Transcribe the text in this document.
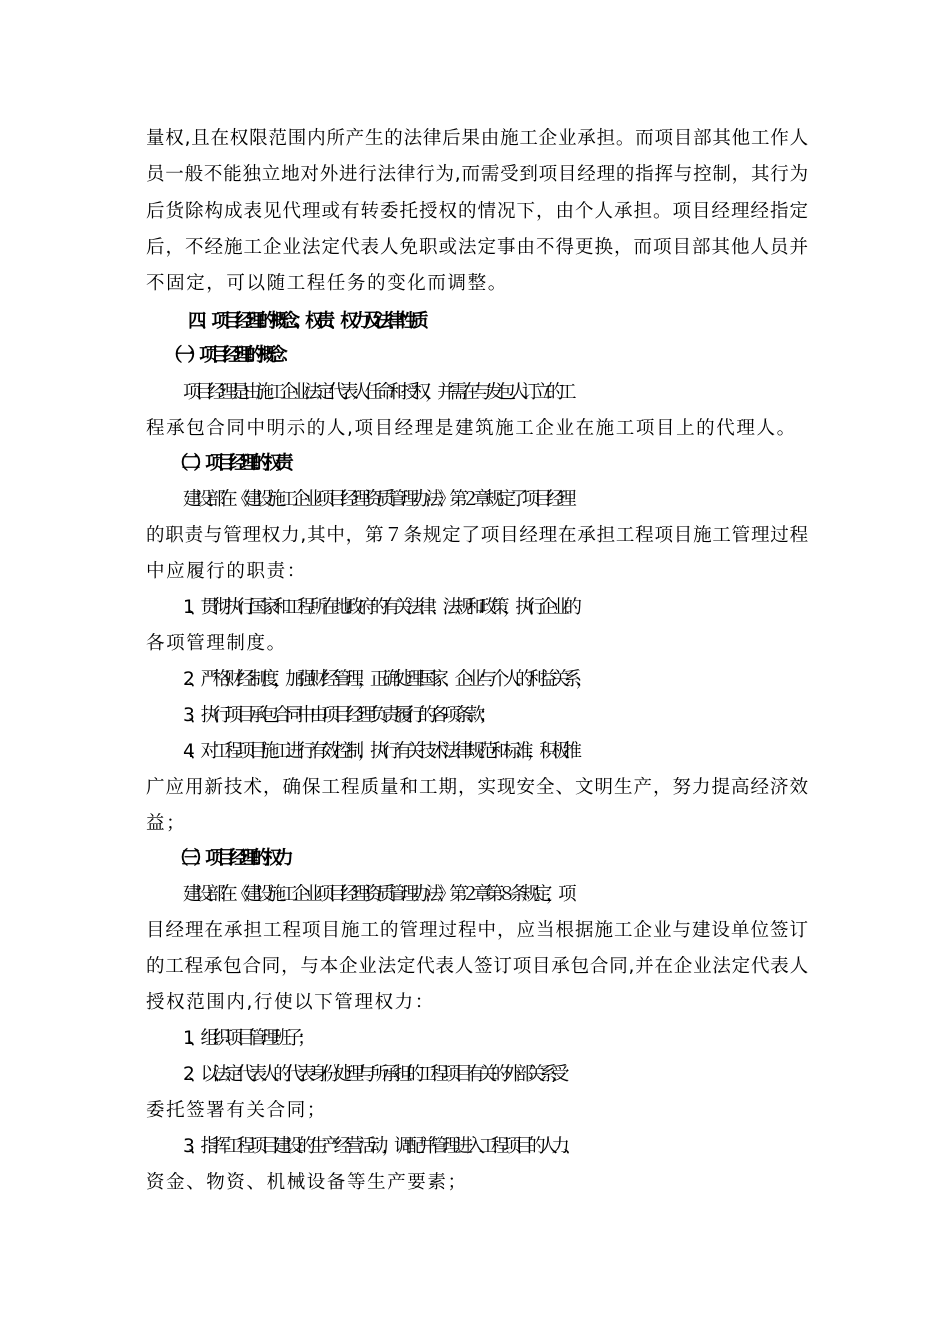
量权,且在权限范围内所产生的法律后果由施工企业承担。而项目部其他工作人
员一般不能独立地对外进行法律行为,而需受到项目经理的指挥与控制，其行为
后货除构成表见代理或有转委托授权的情况下，由个人承担。项目经理经指定
后，不经施工企业法定代表人免职或法定事由不得更换，而项目部其他人员并
不固定，可以随工程任务的变化而调整。
四、项目经理的概念、权责、权力及法律性质
（一）项目经理的概念
项目经理是由施工企业法定代表人任命和授权，并需在与发包人订立的工
程承包合同中明示的人,项目经理是建筑施工企业在施工项目上的代理人。
（二）项目经理的权责
建设部在《建设施工企业项目经理资质管理办法》第２章规定了项目经理
的职责与管理权力,其中，第７条规定了项目经理在承担工程项目施工管理过程
中应履行的职责：
1、贯彻执行国家和工程所在地政府的有关法律、法规和政策，执行企业的
各项管理制度。
2、严格财经制度，加强财经管理，正确处理国家、企业与个人的利益关系，
3、执行项目承包合同中由项目经理负责履行的各项条款；
4、对工程项目施工进行有效控制，执行有关技术法律规范和标准，积极推
广应用新技术，确保工程质量和工期，实现安全、文明生产，努力提高经济效
益；
（三）项目经理的权力
建设部在《建设施工企业项目经理资质管理办法》第２章第８条规定，项
目经理在承担工程项目施工的管理过程中，应当根据施工企业与建设单位签订
的工程承包合同，与本企业法定代表人签订项目承包合同,并在企业法定代表人
授权范围内,行使以下管理权力：
1、组织项目管理班子；
2、以法定代表人的代表身份处理与所承担的工程项目有关的外部关系,受
委托签署有关合同；
3、指挥工程项目建设的生产经营活动，调配并管理进入工程项目的人力、
资金、物资、机械设备等生产要素；
